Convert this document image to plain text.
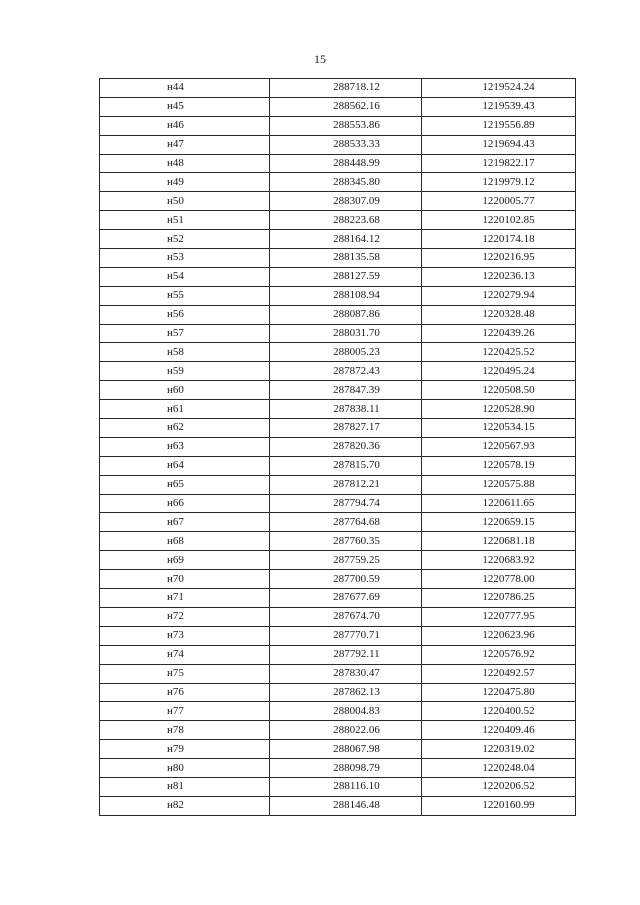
15
н44	288718.12	1219524.24
н45	288562.16	1219539.43
н46	288553.86	1219556.89
н47	288533.33	1219694.43
н48	288448.99	1219822.17
н49	288345.80	1219979.12
н50	288307.09	1220005.77
н51	288223.68	1220102.85
н52	288164.12	1220174.18
н53	288135.58	1220216.95
н54	288127.59	1220236.13
н55	288108.94	1220279.94
н56	288087.86	1220328.48
н57	288031.70	1220439.26
н58	288005.23	1220425.52
н59	287872.43	1220495.24
н60	287847.39	1220508.50
н61	287838.11	1220528.90
н62	287827.17	1220534.15
н63	287820.36	1220567.93
н64	287815.70	1220578.19
н65	287812.21	1220575.88
н66	287794.74	1220611.65
н67	287764.68	1220659.15
н68	287760.35	1220681.18
н69	287759.25	1220683.92
н70	287700.59	1220778.00
н71	287677.69	1220786.25
н72	287674.70	1220777.95
н73	287770.71	1220623.96
н74	287792.11	1220576.92
н75	287830.47	1220492.57
н76	287862.13	1220475.80
н77	288004.83	1220400.52
н78	288022.06	1220409.46
н79	288067.98	1220319.02
н80	288098.79	1220248.04
н81	288116.10	1220206.52
н82	288146.48	1220160.99
